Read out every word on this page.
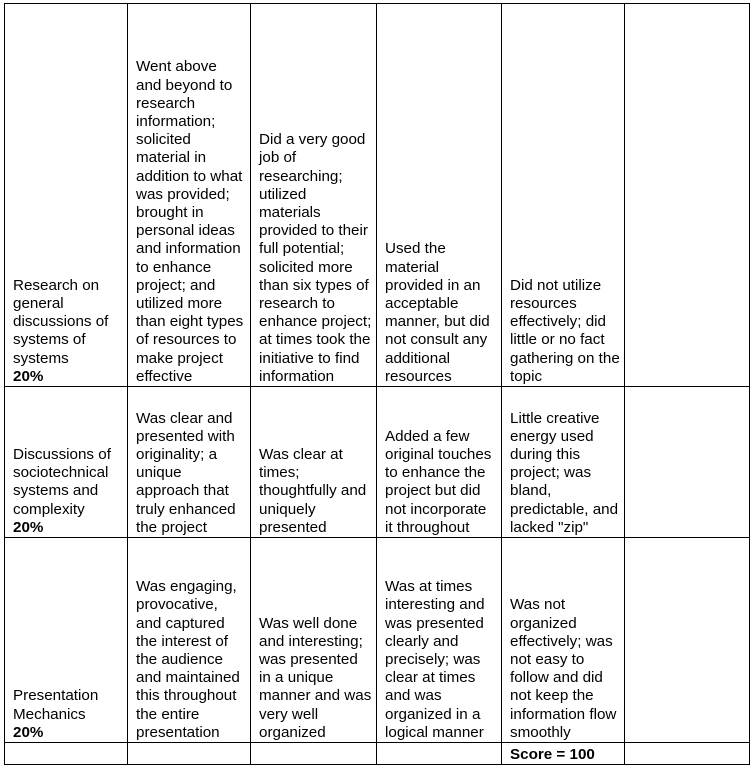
Research on general discussions of systems of systems
20%	Went above and beyond to research information; solicited material in addition to what was provided; brought in personal ideas and information to enhance project; and utilized more than eight types of resources to make project effective	Did a very good job of researching; utilized materials provided to their full potential; solicited more than six types of research to enhance project; at times took the initiative to find information	Used the material provided in an acceptable manner, but did not consult any additional resources	Did not utilize resources effectively; did little or no fact gathering on the topic	

Discussions of sociotechnical systems and complexity
20%	Was clear and presented with originality; a unique approach that truly enhanced the project	Was clear at times; thoughtfully and uniquely presented	Added a few original touches to enhance the project but did not incorporate it throughout	Little creative energy used during this project; was bland, predictable, and lacked "zip"	

Presentation Mechanics
20%	Was engaging, provocative, and captured the interest of the audience and maintained this throughout the entire presentation	Was well done and interesting; was presented in a unique manner and was very well organized	Was at times interesting and was presented clearly and precisely; was clear at times and was organized in a logical manner	Was not organized effectively; was not easy to follow and did not keep the information flow smoothly	
				Score = 100	
